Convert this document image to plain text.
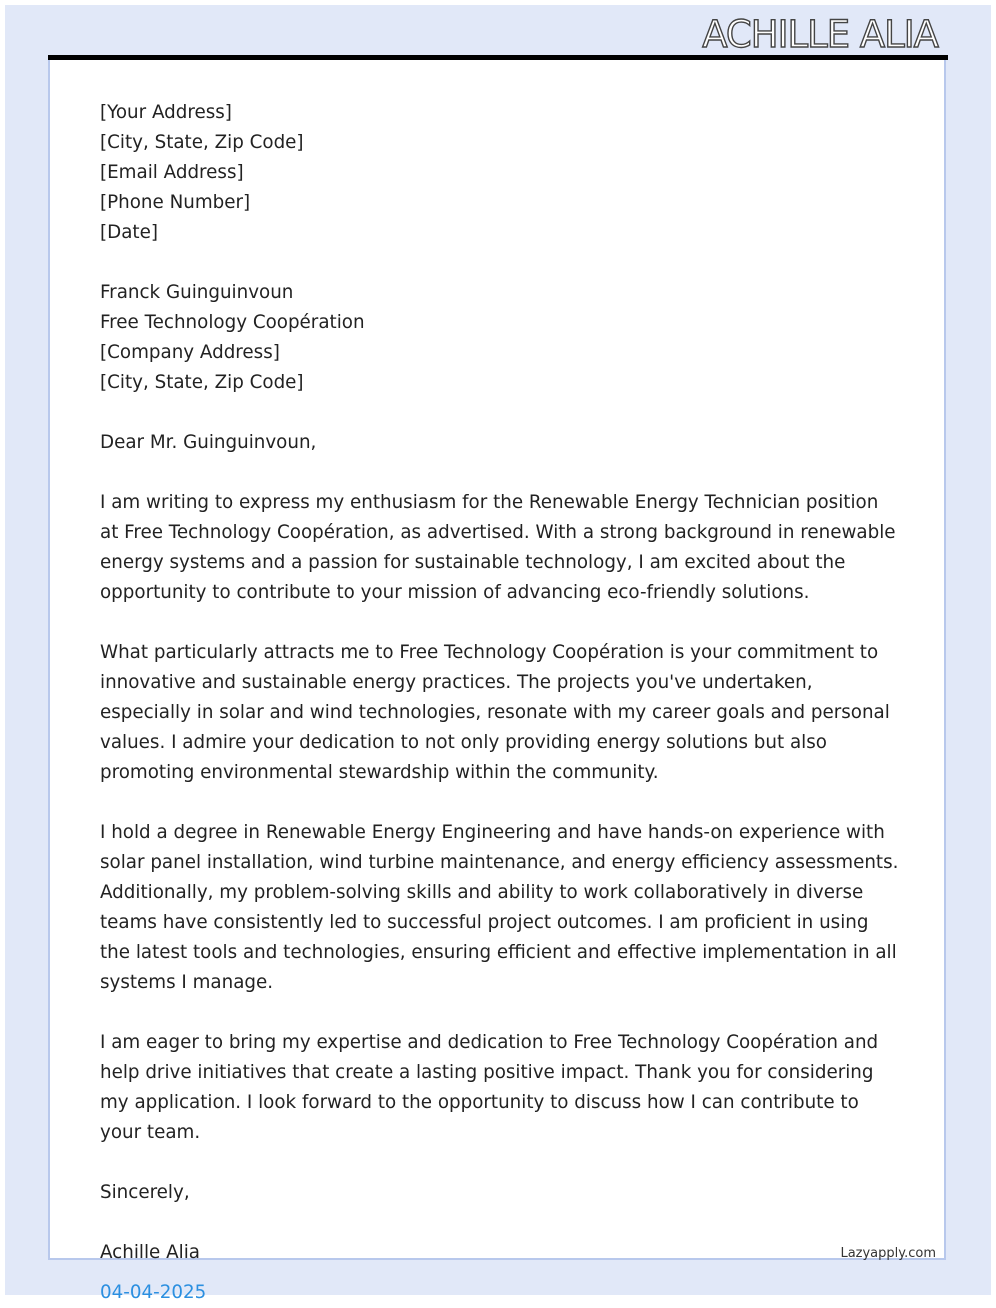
ACHILLE ALIA

[Your Address]
[City, State, Zip Code]
[Email Address]
[Phone Number]
[Date]

Franck Guinguinvoun
Free Technology Coopération
[Company Address]
[City, State, Zip Code]

Dear Mr. Guinguinvoun,

I am writing to express my enthusiasm for the Renewable Energy Technician position at Free Technology Coopération, as advertised. With a strong background in renewable energy systems and a passion for sustainable technology, I am excited about the opportunity to contribute to your mission of advancing eco-friendly solutions.

What particularly attracts me to Free Technology Coopération is your commitment to innovative and sustainable energy practices. The projects you've undertaken, especially in solar and wind technologies, resonate with my career goals and personal values. I admire your dedication to not only providing energy solutions but also promoting environmental stewardship within the community.

I hold a degree in Renewable Energy Engineering and have hands-on experience with solar panel installation, wind turbine maintenance, and energy efficiency assessments. Additionally, my problem-solving skills and ability to work collaboratively in diverse teams have consistently led to successful project outcomes. I am proficient in using the latest tools and technologies, ensuring efficient and effective implementation in all systems I manage.

I am eager to bring my expertise and dedication to Free Technology Coopération and help drive initiatives that create a lasting positive impact. Thank you for considering my application. I look forward to the opportunity to discuss how I can contribute to your team.

Sincerely,

Achille Alia

04-04-2025
Lazyapply.com
